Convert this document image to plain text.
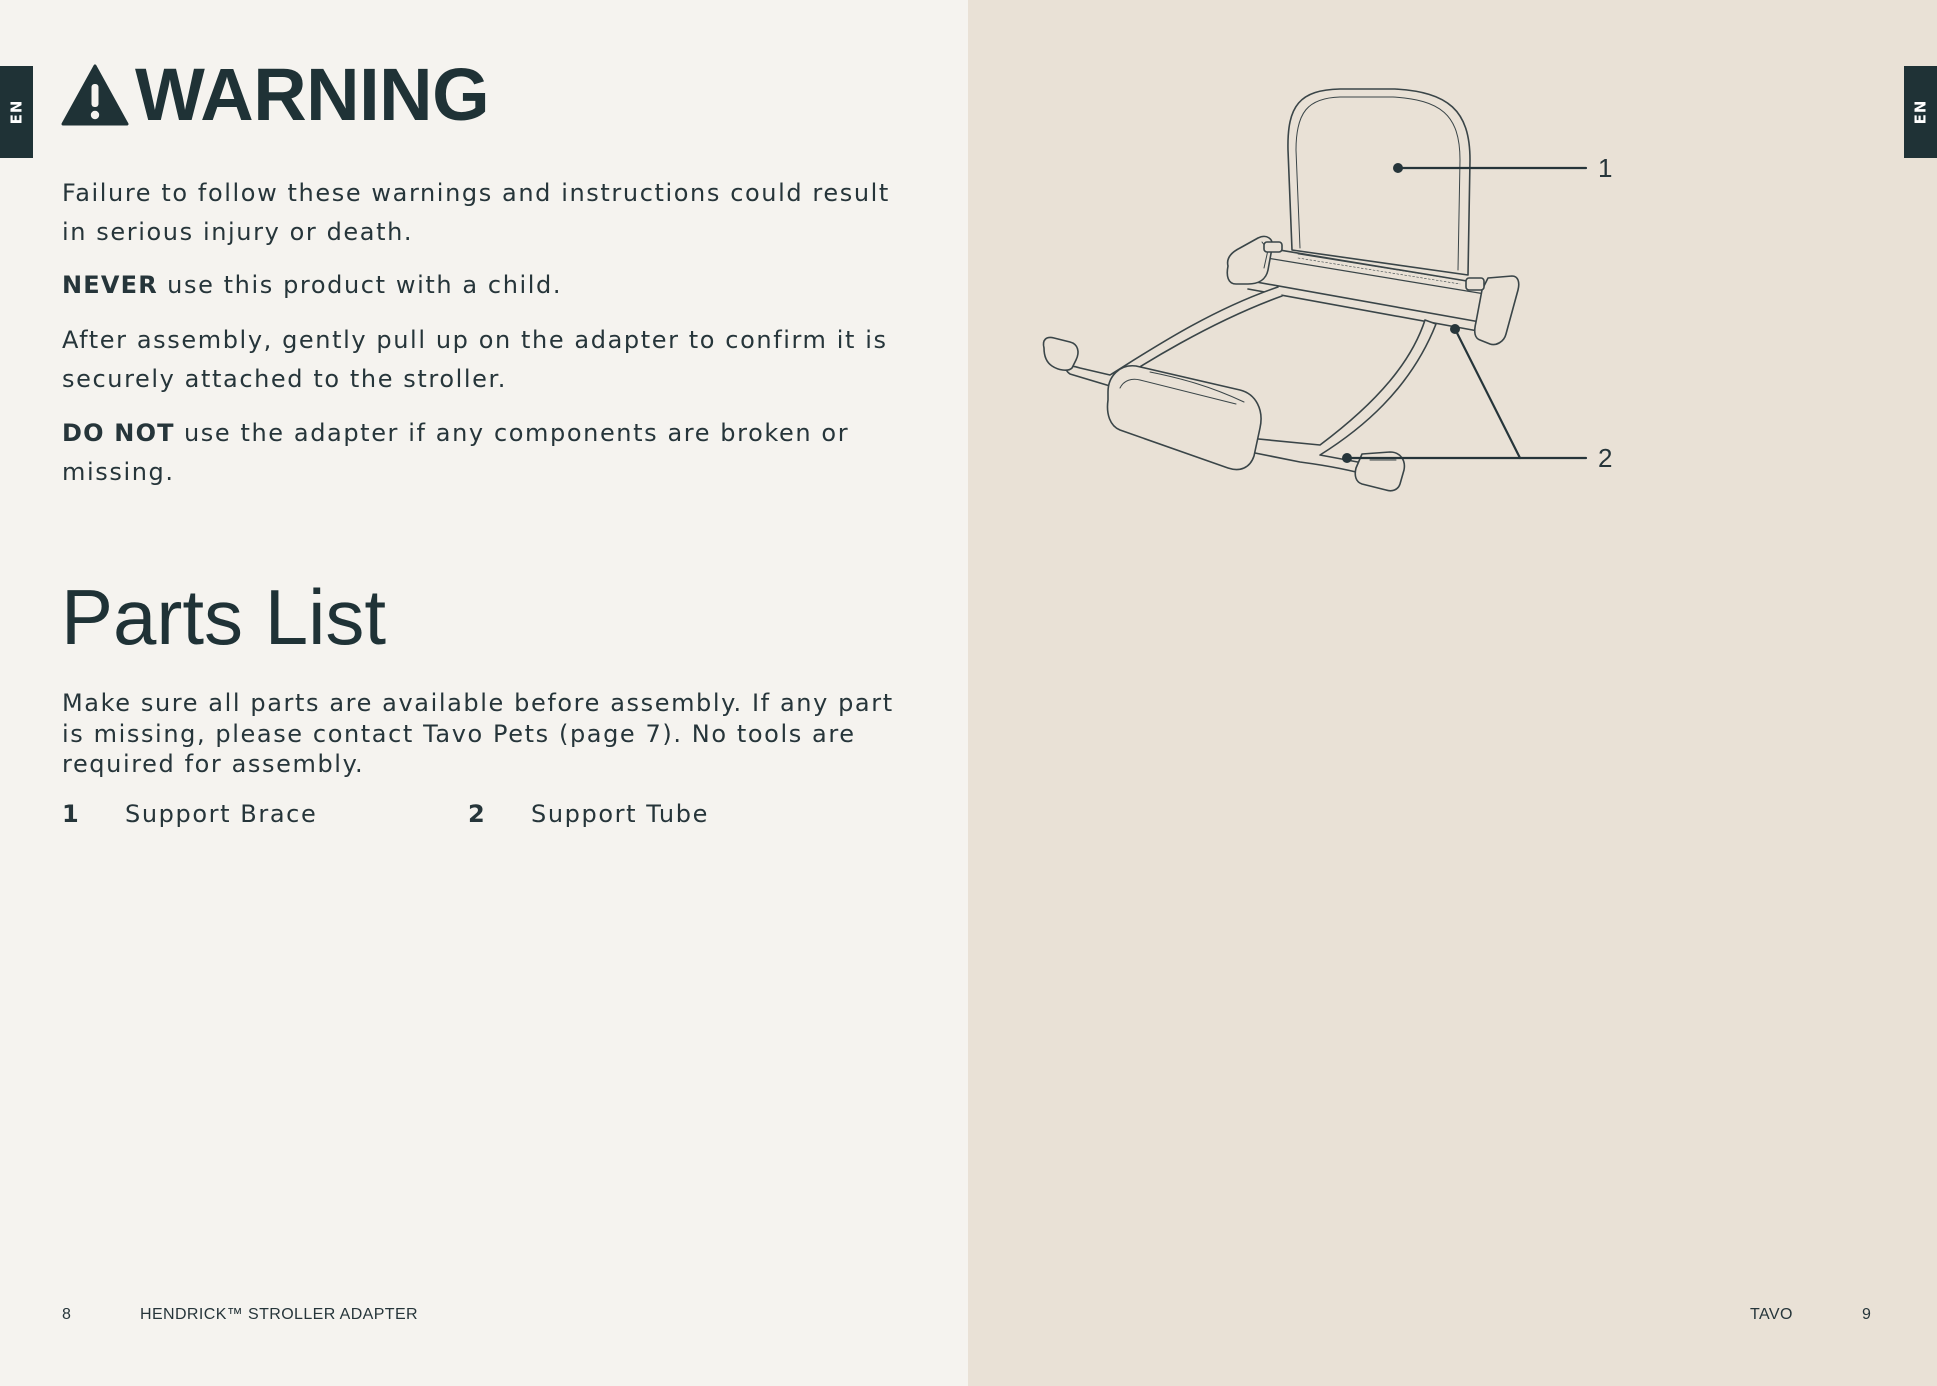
EN	EN
WARNING

Failure to follow these warnings and instructions could result in serious injury or death.

NEVER use this product with a child.

After assembly, gently pull up on the adapter to confirm it is securely attached to the stroller.

DO NOT use the adapter if any components are broken or missing.

Parts List

Make sure all parts are available before assembly. If any part is missing, please contact Tavo Pets (page 7). No tools are required for assembly.

1 Support Brace	2 Support Tube
1
2
8	HENDRICK™ STROLLER ADAPTER	TAVO	9
